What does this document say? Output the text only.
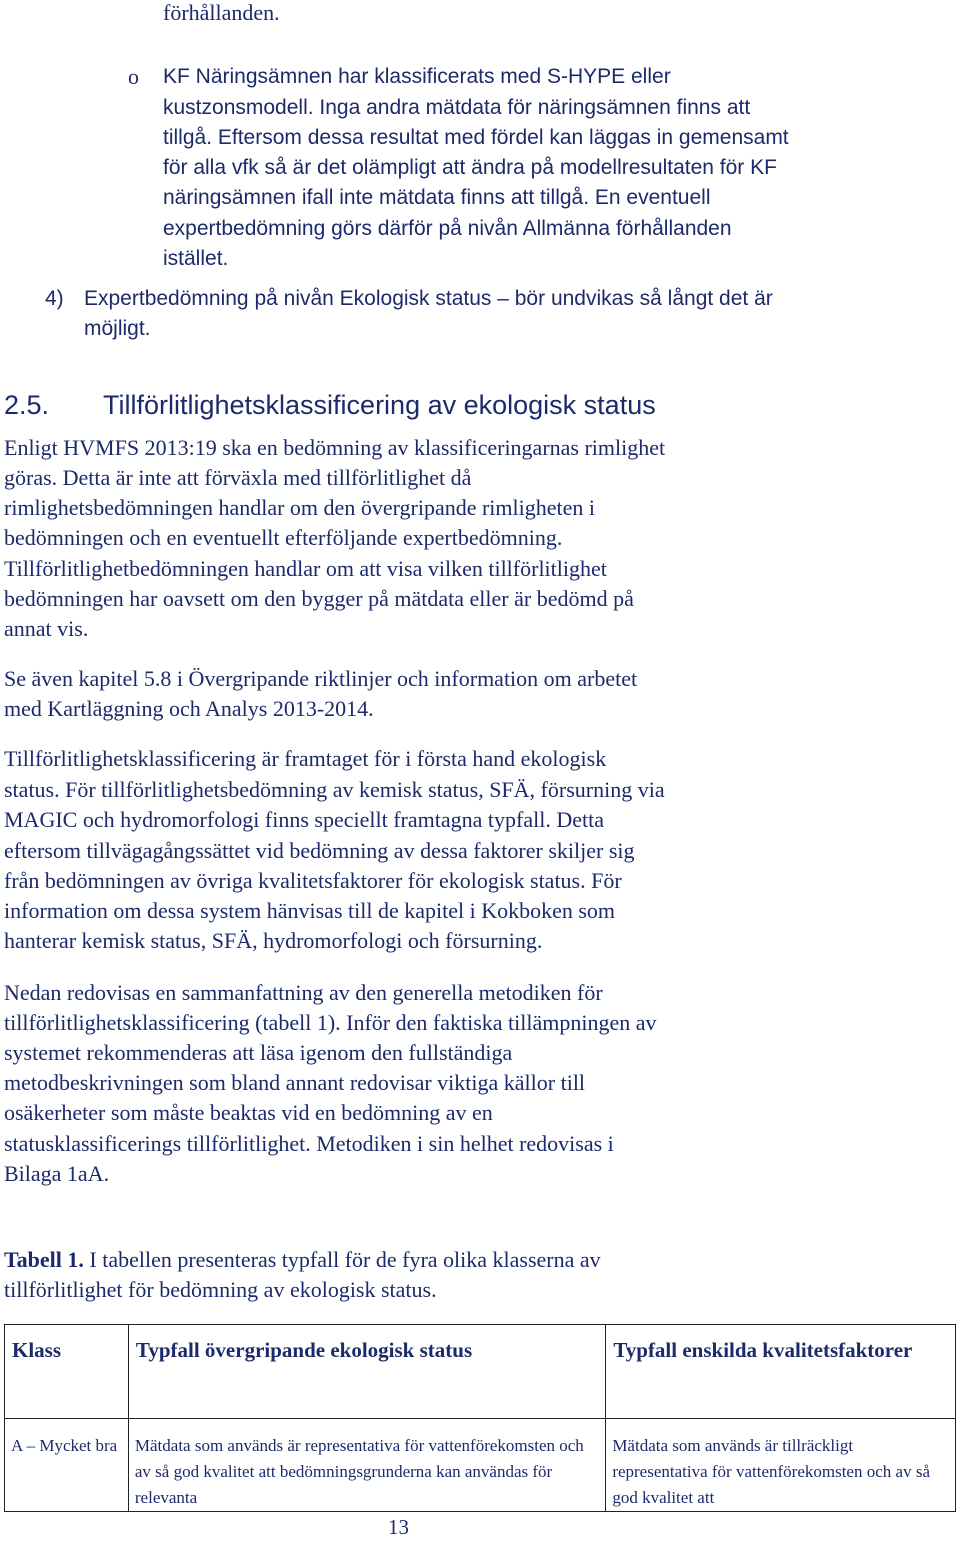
förhållanden.
o KF Näringsämnen har klassificerats med S-HYPE eller
kustzonsmodell. Inga andra mätdata för näringsämnen finns att
tillgå. Eftersom dessa resultat med fördel kan läggas in gemensamt
för alla vfk så är det olämpligt att ändra på modellresultaten för KF
näringsämnen ifall inte mätdata finns att tillgå. En eventuell
expertbedömning görs därför på nivån Allmänna förhållanden
istället.
4) Expertbedömning på nivån Ekologisk status – bör undvikas så långt det är
möjligt.
2.5. Tillförlitlighetsklassificering av ekologisk status
Enligt HVMFS 2013:19 ska en bedömning av klassificeringarnas rimlighet
göras. Detta är inte att förväxla med tillförlitlighet då
rimlighetsbedömningen handlar om den övergripande rimligheten i
bedömningen och en eventuellt efterföljande expertbedömning.
Tillförlitlighetbedömningen handlar om att visa vilken tillförlitlighet
bedömningen har oavsett om den bygger på mätdata eller är bedömd på
annat vis.
Se även kapitel 5.8 i Övergripande riktlinjer och information om arbetet
med Kartläggning och Analys 2013-2014.
Tillförlitlighetsklassificering är framtaget för i första hand ekologisk
status. För tillförlitlighetsbedömning av kemisk status, SFÄ, försurning via
MAGIC och hydromorfologi finns speciellt framtagna typfall. Detta
eftersom tillvägagångssättet vid bedömning av dessa faktorer skiljer sig
från bedömningen av övriga kvalitetsfaktorer för ekologisk status. För
information om dessa system hänvisas till de kapitel i Kokboken som
hanterar kemisk status, SFÄ, hydromorfologi och försurning.
Nedan redovisas en sammanfattning av den generella metodiken för
tillförlitlighetsklassificering (tabell 1). Inför den faktiska tillämpningen av
systemet rekommenderas att läsa igenom den fullständiga
metodbeskrivningen som bland annant redovisar viktiga källor till
osäkerheter som måste beaktas vid en bedömning av en
statusklassificerings tillförlitlighet. Metodiken i sin helhet redovisas i
Bilaga 1aA.
Tabell 1. I tabellen presenteras typfall för de fyra olika klasserna av
tillförlitlighet för bedömning av ekologisk status.
Klass	Typfall övergripande ekologisk status	Typfall enskilda kvalitetsfaktorer
A – Mycket bra	Mätdata som används är representativa för vattenförekomsten och av så god kvalitet att bedömningsgrunderna kan användas för relevanta	Mätdata som används är tillräckligt representativa för vattenförekomsten och av så god kvalitet att
13
